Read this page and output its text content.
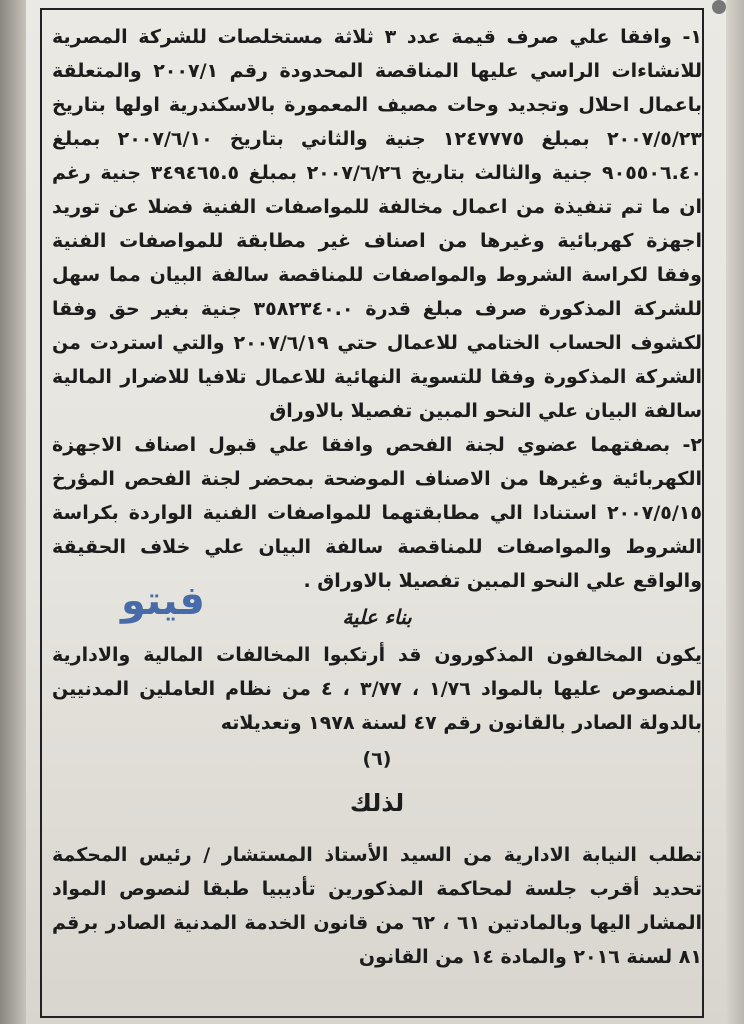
١- وافقا علي صرف قيمة عدد ٣ ثلاثة مستخلصات للشركة المصرية للانشاءات الراسي عليها المناقصة المحدودة رقم ٢٠٠٧/١ والمتعلقة باعمال احلال وتجديد وحات مصيف المعمورة بالاسكندرية اولها بتاريخ ٢٠٠٧/٥/٢٣ بمبلغ ١٢٤٧٧٧٥ جنية والثاني بتاريخ ٢٠٠٧/٦/١٠ بمبلغ ٩٠٥٥٠٦.٤٠ جنية والثالث بتاريخ ٢٠٠٧/٦/٢٦ بمبلغ ٣٤٩٤٦٥.٥ جنية رغم ان ما تم تنفيذة من اعمال مخالفة للمواصفات الفنية فضلا عن توريد اجهزة كهربائية وغيرها من اصناف غير مطابقة للمواصفات الفنية وفقا لكراسة الشروط والمواصفات للمناقصة سالفة البيان مما سهل للشركة المذكورة صرف مبلغ قدرة ٣٥٨٢٣٤٠.٠ جنية بغير حق وفقا لكشوف الحساب الختامي للاعمال حتي ٢٠٠٧/٦/١٩ والتي استردت من الشركة المذكورة وفقا للتسوية النهائية للاعمال تلافيا للاضرار المالية سالفة البيان علي النحو المبين تفصيلا بالاوراق

٢- بصفتهما عضوي لجنة الفحص وافقا علي قبول اصناف الاجهزة الكهربائية وغيرها من الاصناف الموضحة بمحضر لجنة الفحص المؤرخ ٢٠٠٧/٥/١٥ استنادا الي مطابقتهما للمواصفات الفنية الواردة بكراسة الشروط والمواصفات للمناقصة سالفة البيان علي خلاف الحقيقة والواقع علي النحو المبين تفصيلا بالاوراق .

بناء علية

يكون المخالفون المذكورون قد أرتكبوا المخالفات المالية والادارية المنصوص عليها بالمواد ١/٧٦ ، ٣/٧٧ ، ٤ من نظام العاملين المدنيين بالدولة الصادر بالقانون رقم ٤٧ لسنة ١٩٧٨ وتعديلاته

(٦)

لذلك

تطلب النيابة الادارية من السيد الأستاذ المستشار / رئيس المحكمة تحديد أقرب جلسة لمحاكمة المذكورين تأديبيا طبقا لنصوص المواد المشار اليها وبالمادتين ٦١ ، ٦٢ من قانون الخدمة المدنية الصادر برقم ٨١ لسنة ٢٠١٦ والمادة ١٤ من القانون

فيتو
